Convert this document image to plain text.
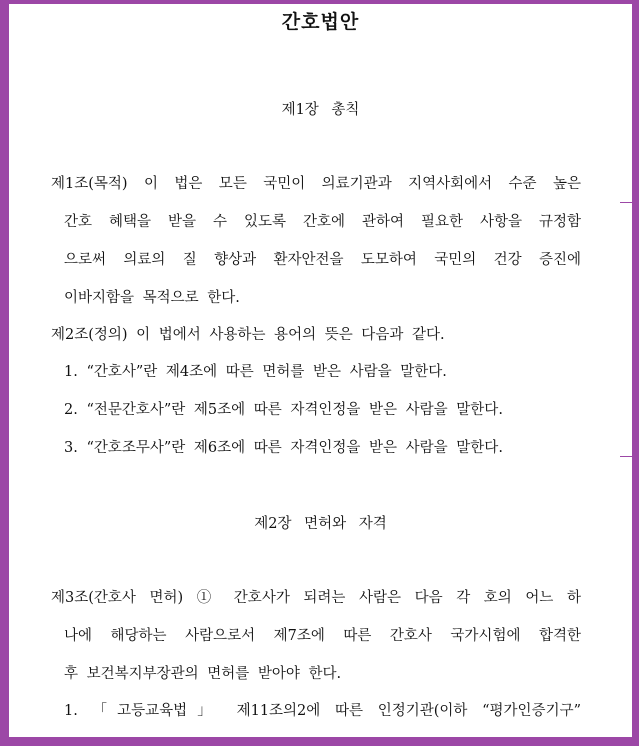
간호법안
제1장 총칙
제1조(목적) 이 법은 모든 국민이 의료기관과 지역사회에서 수준 높은
간호 혜택을 받을 수 있도록 간호에 관하여 필요한 사항을 규정함
으로써 의료의 질 향상과 환자안전을 도모하여 국민의 건강 증진에
이바지함을 목적으로 한다.
제2조(정의) 이 법에서 사용하는 용어의 뜻은 다음과 같다.
1. “간호사”란 제4조에 따른 면허를 받은 사람을 말한다.
2. “전문간호사”란 제5조에 따른 자격인정을 받은 사람을 말한다.
3. “간호조무사”란 제6조에 따른 자격인정을 받은 사람을 말한다.
제2장 면허와 자격
제3조(간호사 면허) ① 간호사가 되려는 사람은 다음 각 호의 어느 하
나에 해당하는 사람으로서 제7조에 따른 간호사 국가시험에 합격한
후 보건복지부장관의 면허를 받아야 한다.
1. 「고등교육법」 제11조의2에 따른 인정기관(이하 “평가인증기구”
